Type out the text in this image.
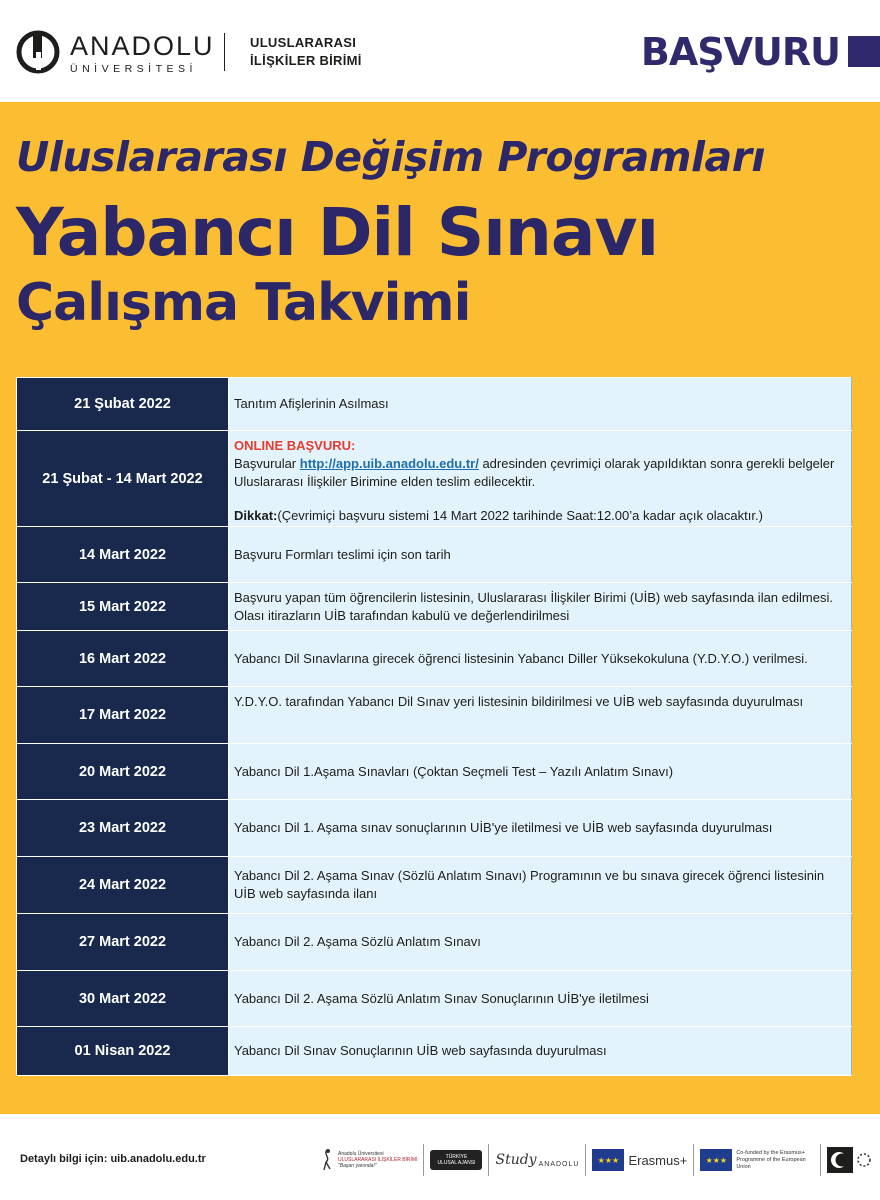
ANADOLU
ÜNİVERSİTESİ
ULUSLARARASI
İLİŞKİLER BİRİMİ	BAŞVURU
Uluslararası Değişim Programları
Yabancı Dil Sınavı
Çalışma Takvimi
21 Şubat 2022	Tanıtım Afişlerinin Asılması
21 Şubat - 14 Mart 2022	ONLINE BAŞVURU:
Başvurular http://app.uib.anadolu.edu.tr/ adresinden çevrimiçi olarak yapıldıktan sonra gerekli belgeler Uluslararası İlişkiler Birimine elden teslim edilecektir.
Dikkat:(Çevrimiçi başvuru sistemi 14 Mart 2022 tarihinde Saat:12.00’a kadar açık olacaktır.)
14 Mart 2022	Başvuru Formları teslimi için son tarih
15 Mart 2022	Başvuru yapan tüm öğrencilerin listesinin, Uluslararası İlişkiler Birimi (UİB) web sayfasında ilan edilmesi. Olası itirazların UİB tarafından kabulü ve değerlendirilmesi
16 Mart 2022	Yabancı Dil Sınavlarına girecek öğrenci listesinin Yabancı Diller Yüksekokuluna (Y.D.Y.O.) verilmesi.
17 Mart 2022	Y.D.Y.O. tarafından Yabancı Dil Sınav yeri listesinin bildirilmesi ve UİB web sayfasında duyurulması
20 Mart 2022	Yabancı Dil 1.Aşama Sınavları (Çoktan Seçmeli Test – Yazılı Anlatım Sınavı)
23 Mart 2022	Yabancı Dil 1. Aşama sınav sonuçlarının UİB'ye iletilmesi ve UİB web sayfasında duyurulması
24 Mart 2022	Yabancı Dil 2. Aşama Sınav (Sözlü Anlatım Sınavı) Programının ve bu sınava girecek öğrenci listesinin UİB web sayfasında ilanı
27 Mart 2022	Yabancı Dil 2. Aşama Sözlü Anlatım Sınavı
30 Mart 2022	Yabancı Dil 2. Aşama Sözlü Anlatım Sınav Sonuçlarının UİB'ye iletilmesi
01 Nisan 2022	Yabancı Dil Sınav Sonuçlarının UİB web sayfasında duyurulması
Detaylı bilgi için: uib.anadolu.edu.tr	Anadolu Üniversitesi
ULUSLARARASI İLİŞKİLER BİRİMİ
"Başarı yanında!"
TÜRKİYE ULUSAL AJANSI	Study ANADOLU	★★★ Erasmus+	★★★
Co-funded by the Erasmus+ Programme of the European Union
